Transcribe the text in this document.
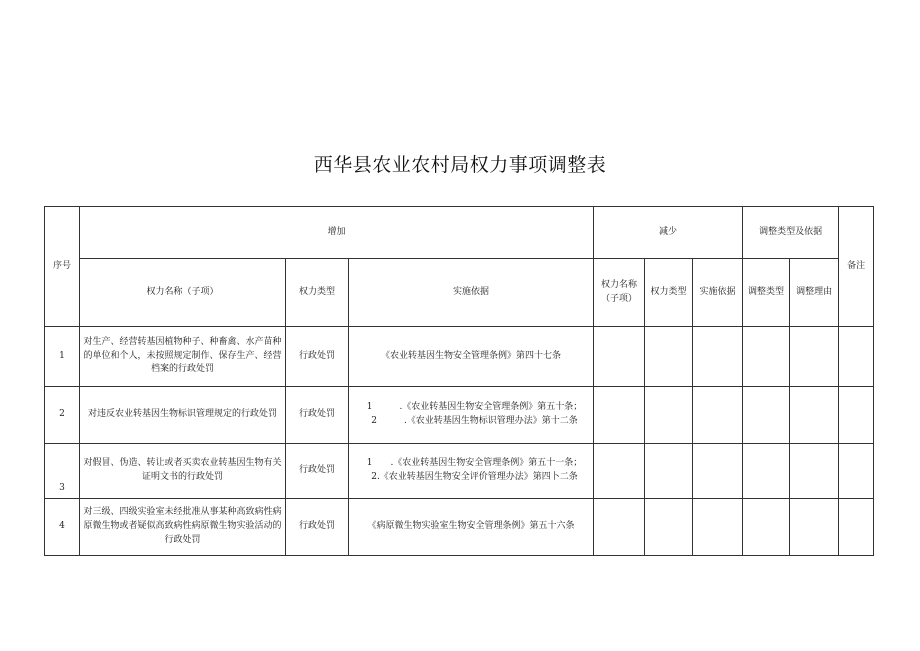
西华县农业农村局权力事项调整表
序号	增加			减少			调整类型及依据		备注
	权力名称（子项）	权力类型	实施依据	权力名称（子项）	权力类型	实施依据	调整类型	调整理由	
1	对生产、经营转基因植物种子、种畜禽、水产苗种的单位和个人，未按照规定制作、保存生产、经营档案的行政处罚	行政处罚	《农业转基因生物安全管理条例》第四十七条						

2	对违反农业转基因生物标识管理规定的行政处罚	行政处罚	1　　　.《农业转基因生物安全管理条例》第五十条；
2　　　.《农业转基因生物标识管理办法》第十二条						

3	对假冒、伪造、转让或者买卖农业转基因生物有关证明文书的行政处罚	行政处罚	1　　.《农业转基因生物安全管理条例》第五十一条；
2.《农业转基因生物安全评价管理办法》第四卜二条						

4	对三级、四级实验室未经批准从事某种高致病性病原微生物或者疑似高致病性病原微生物实验活动的行政处罚	行政处罚	《病原微生物实验室生物安全管理条例》第五十六条						
